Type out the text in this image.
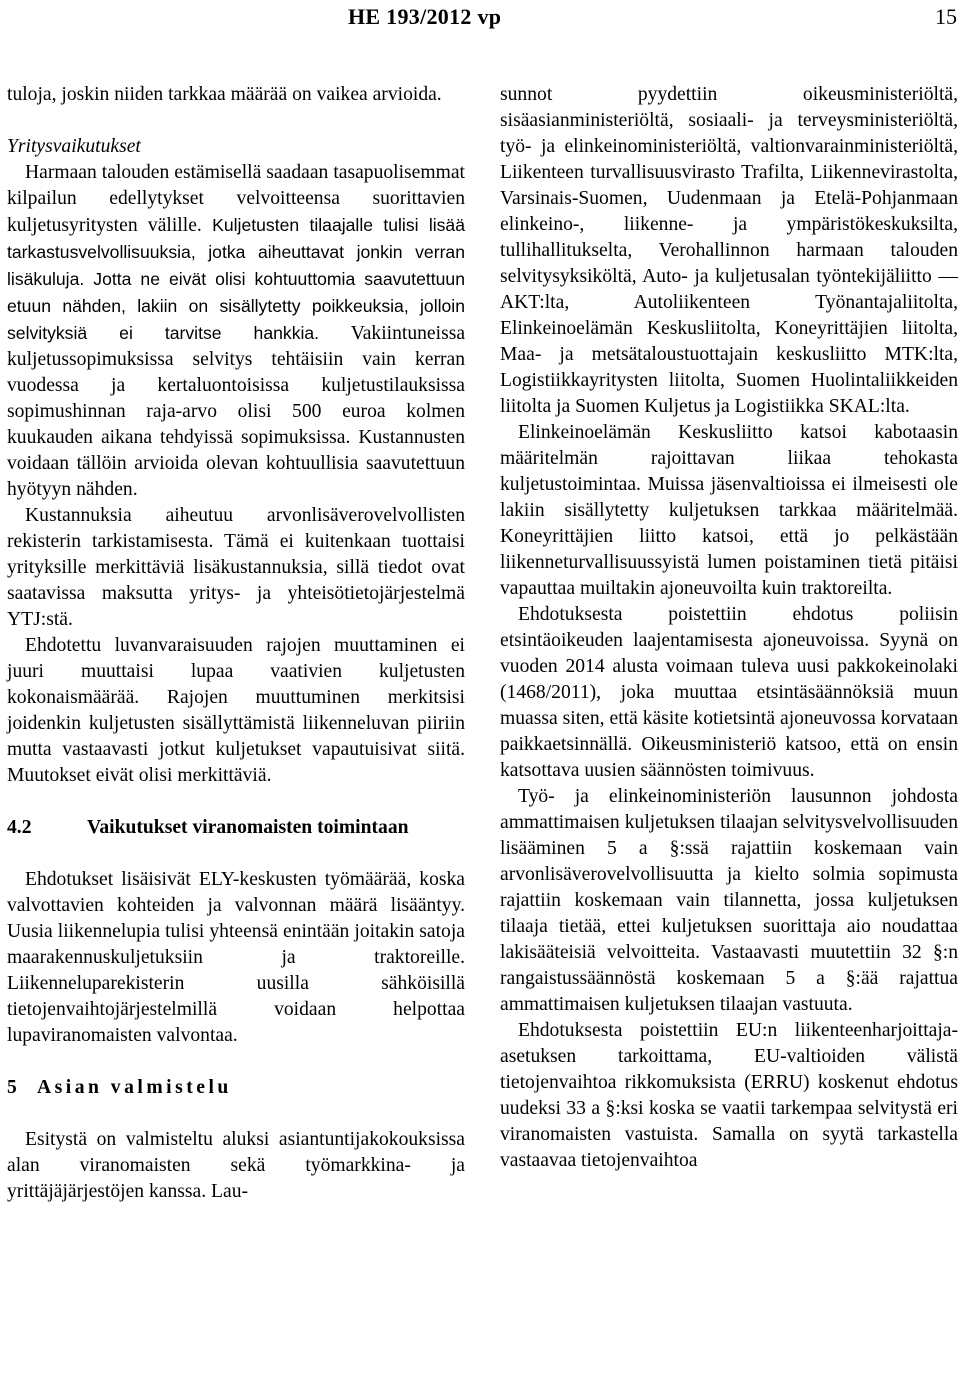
HE 193/2012 vp	15

tuloja, joskin niiden tarkkaa määrää on vaikea arvioida.

Yritysvaikutukset

Harmaan talouden estämisellä saadaan tasapuolisemmat kilpailun edellytykset velvoitteensa suorittavien kuljetusyritysten välille. Kuljetusten tilaajalle tulisi lisää tarkastusvelvollisuuksia, jotka aiheuttavat jonkin verran lisäkuluja. Jotta ne eivät olisi kohtuuttomia saavutettuun etuun nähden, lakiin on sisällytetty poikkeuksia, jolloin selvityksiä ei tarvitse hankkia. Vakiintuneissa kuljetussopimuksissa selvitys tehtäisiin vain kerran vuodessa ja kertaluontoisissa kuljetustilauksissa sopimushinnan raja-arvo olisi 500 euroa kolmen kuukauden aikana tehdyissä sopimuksissa. Kustannusten voidaan tällöin arvioida olevan kohtuullisia saavutettuun hyötyyn nähden.

Kustannuksia aiheutuu arvonlisäverovelvollisten rekisterin tarkistamisesta. Tämä ei kuitenkaan tuottaisi yrityksille merkittäviä lisäkustannuksia, sillä tiedot ovat saatavissa maksutta yritys- ja yhteisötietojärjestelmä YTJ:stä.

Ehdotettu luvanvaraisuuden rajojen muuttaminen ei juuri muuttaisi lupaa vaativien kuljetusten kokonaismäärää. Rajojen muuttuminen merkitsisi joidenkin kuljetusten sisällyttämistä liikenneluvan piiriin mutta vastaavasti jotkut kuljetukset vapautuisivat siitä. Muutokset eivät olisi merkittäviä.

4.2	Vaikutukset viranomaisten toimintaan

Ehdotukset lisäisivät ELY-keskusten työmäärää, koska valvottavien kohteiden ja valvonnan määrä lisääntyy. Uusia liikennelupia tulisi yhteensä enintään joitakin satoja maarakennuskuljetuksiin ja traktoreille. Liikenneluparekisterin uusilla sähköisillä tietojenvaihtojärjestelmillä voidaan helpottaa lupaviranomaisten valvontaa.

5	Asian valmistelu

Esitystä on valmisteltu aluksi asiantuntijakokouksissa alan viranomaisten sekä työmarkkina- ja yrittäjäjärjestöjen kanssa. Lau-

sunnot pyydettiin oikeusministeriöltä, sisäasianministeriöltä, sosiaali- ja terveysministeriöltä, työ- ja elinkeinoministeriöltä, valtionvarainministeriöltä, Liikenteen turvallisuusvirasto Trafilta, Liikennevirastolta, Varsinais-Suomen, Uudenmaan ja Etelä-Pohjanmaan elinkeino-, liikenne- ja ympäristökeskuksilta, tullihallitukselta, Verohallinnon harmaan talouden selvitysyksiköltä, Auto- ja kuljetusalan työntekijäliitto — AKT:lta, Autoliikenteen Työnantajaliitolta, Elinkeinoelämän Keskusliitolta, Koneyrittäjien liitolta, Maa- ja metsätaloustuottajain keskusliitto MTK:lta, Logistiikkayritysten liitolta, Suomen Huolintaliikkeiden liitolta ja Suomen Kuljetus ja Logistiikka SKAL:lta.

Elinkeinoelämän Keskusliitto katsoi kabotaasin määritelmän rajoittavan liikaa tehokasta kuljetustoimintaa. Muissa jäsenvaltioissa ei ilmeisesti ole lakiin sisällytetty kuljetuksen tarkkaa määritelmää. Koneyrittäjien liitto katsoi, että jo pelkästään liikenneturvallisuussyistä lumen poistaminen tietä pitäisi vapauttaa muiltakin ajoneuvoilta kuin traktoreilta.

Ehdotuksesta poistettiin ehdotus poliisin etsintäoikeuden laajentamisesta ajoneuvoissa. Syynä on vuoden 2014 alusta voimaan tuleva uusi pakkokeinolaki (1468/2011), joka muuttaa etsintäsäännöksiä muun muassa siten, että käsite kotietsintä ajoneuvossa korvataan paikkaetsinnällä. Oikeusministeriö katsoo, että on ensin katsottava uusien säännösten toimivuus.

Työ- ja elinkeinoministeriön lausunnon johdosta ammattimaisen kuljetuksen tilaajan selvitysvelvollisuuden lisääminen 5 a §:ssä rajattiin koskemaan vain arvonlisäverovelvollisuutta ja kielto solmia sopimusta rajattiin koskemaan vain tilannetta, jossa kuljetuksen tilaaja tietää, ettei kuljetuksen suorittaja aio noudattaa lakisääteisiä velvoitteita. Vastaavasti muutettiin 32 §:n rangaistussäännöstä koskemaan 5 a §:ää rajattua ammattimaisen kuljetuksen tilaajan vastuuta.

Ehdotuksesta poistettiin EU:n liikenteenharjoittaja-asetuksen tarkoittama, EU-valtioiden välistä tietojenvaihtoa rikkomuksista (ERRU) koskenut ehdotus uudeksi 33 a §:ksi koska se vaatii tarkempaa selvitystä eri viranomaisten vastuista. Samalla on syytä tarkastella vastaavaa tietojenvaihtoa
